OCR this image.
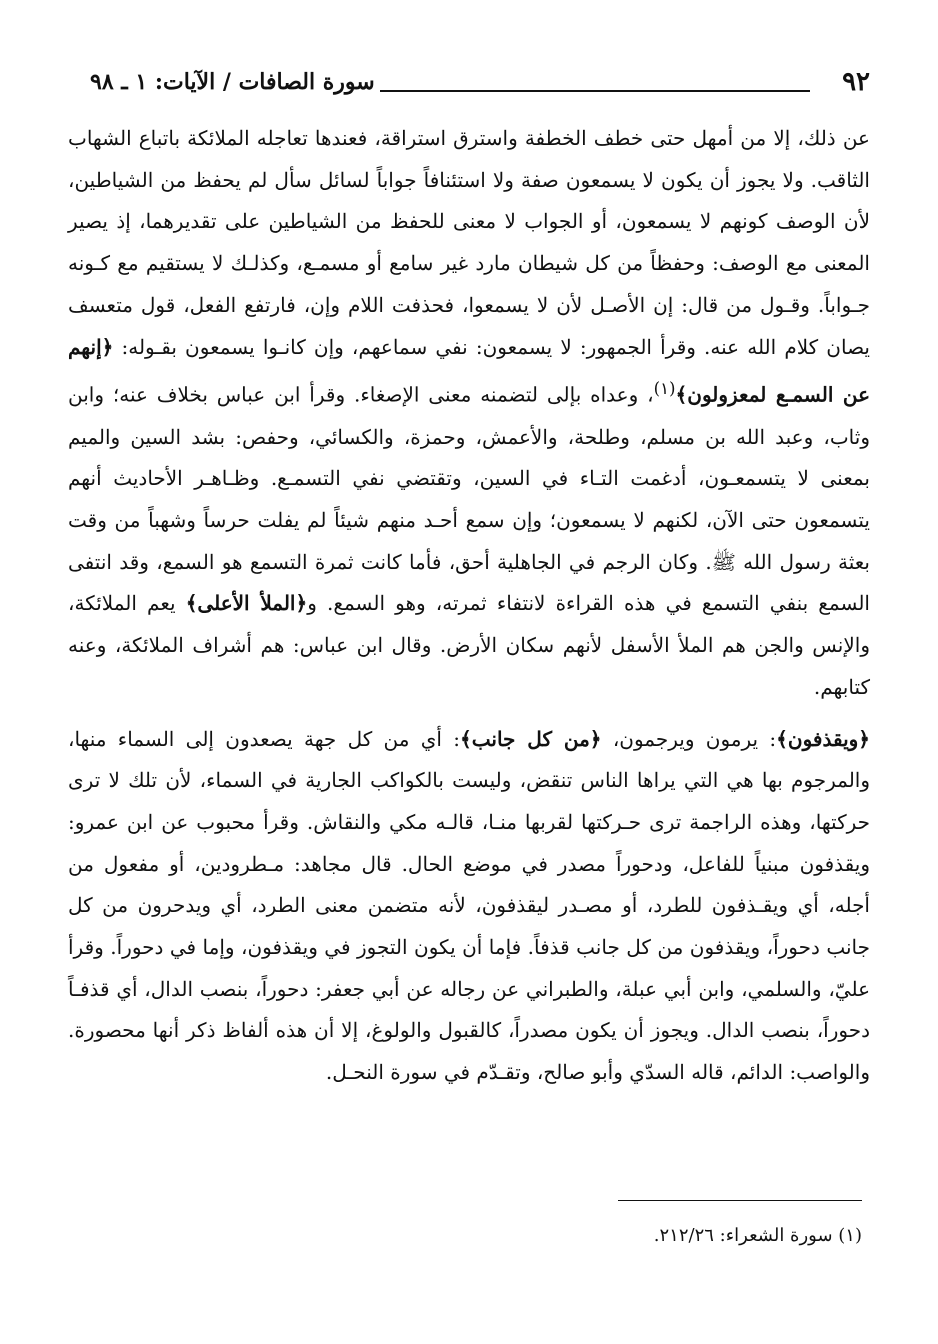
٩٢
سورة الصافات / الآيات: ١ ـ ٩٨

عن ذلك، إلا من أمهل حتى خطف الخطفة واسترق استراقة، فعندها تعاجله الملائكة باتباع الشهاب الثاقب. ولا يجوز أن يكون لا يسمعون صفة ولا استئنافاً جواباً لسائل سأل لم يحفظ من الشياطين، لأن الوصف كونهم لا يسمعون، أو الجواب لا معنى للحفظ من الشياطين على تقديرهما، إذ يصير المعنى مع الوصف: وحفظاً من كل شيطان مارد غير سامع أو مسمـع، وكذلـك لا يستقيم مع كـونه جـواباً. وقـول من قال: إن الأصـل لأن لا يسمعوا، فحذفت اللام وإن، فارتفع الفعل، قول متعسف يصان كلام الله عنه. وقرأ الجمهور: لا يسمعون: نفي سماعهم، وإن كانـوا يسمعون بقـوله: ﴿إنهم عن السمـع لمعزولون﴾$^{(١)}$، وعداه بإلى لتضمنه معنى الإصغاء. وقرأ ابن عباس بخلاف عنه؛ وابن وثاب، وعبد الله بن مسلم، وطلحة، والأعمش، وحمزة، والكسائي، وحفص: بشد السين والميم بمعنى لا يتسمعـون، أدغمت التـاء في السين، وتقتضي نفي التسمـع. وظـاهـر الأحاديث أنهم يتسمعون حتى الآن، لكنهم لا يسمعون؛ وإن سمع أحـد منهم شيئاً لم يفلت حرساً وشهباً من وقت بعثة رسول الله ﷺ. وكان الرجم في الجاهلية أحق، فأما كانت ثمرة التسمع هو السمع، وقد انتفى السمع بنفي التسمع في هذه القراءة لانتفاء ثمرته، وهو السمع. و﴿الملأ الأعلى﴾ يعم الملائكة، والإنس والجن هم الملأ الأسفل لأنهم سكان الأرض. وقال ابن عباس: هم أشراف الملائكة، وعنه كتابهم.

﴿ويقذفون﴾: يرمون ويرجمون، ﴿من كل جانب﴾: أي من كل جهة يصعدون إلى السماء منها، والمرجوم بها هي التي يراها الناس تنقض، وليست بالكواكب الجارية في السماء، لأن تلك لا ترى حركتها، وهذه الراجمة ترى حـركتها لقربها منـا، قالـه مكي والنقاش. وقرأ محبوب عن ابن عمرو: ويقذفون مبنياً للفاعل، ودحوراً مصدر في موضع الحال. قال مجاهد: مـطرودين، أو مفعول من أجله، أي ويقـذفون للطرد، أو مصـدر ليقذفون، لأنه متضمن معنى الطرد، أي ويدحرون من كل جانب دحوراً، ويقذفون من كل جانب قذفاً. فإما أن يكون التجوز في ويقذفون، وإما في دحوراً. وقرأ عليّ، والسلمي، وابن أبي عبلة، والطبراني عن رجاله عن أبي جعفر: دحوراً، بنصب الدال، أي قذفـاً دحوراً، بنصب الدال. ويجوز أن يكون مصدراً، كالقبول والولوغ، إلا أن هذه ألفاظ ذكر أنها محصورة. والواصب: الدائم، قاله السدّي وأبو صالح، وتقـدّم في سورة النحـل.

(١) سورة الشعراء: ٢١٢/٢٦.
